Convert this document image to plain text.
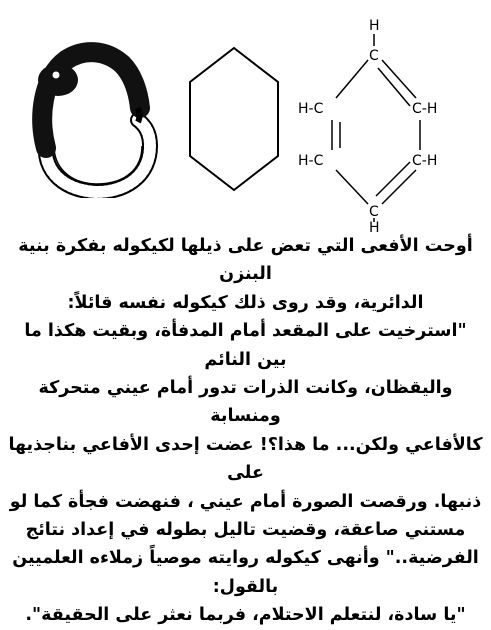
H
C
H-C	C-H
H-C	C-H
C
H

أوحت الأفعى التي تعض على ذيلها لكيكوله بفكرة بنية البنزن

الدائرية، وقد روى ذلك كيكوله نفسه قائلاً:

"استرخيت على المقعد أمام المدفأة، وبقيت هكذا ما بين النائم

واليقظان، وكانت الذرات تدور أمام عيني متحركة ومنسابة

كالأفاعي ولكن... ما هذا؟! عضت إحدى الأفاعي بناجذيها على

ذنبها. ورقصت الصورة أمام عيني ، فنهضت فجأة كما لو

مستني صاعقة، وقضيت تاليل بطوله في إعداد نتائج

الفرضية.." وأنهى كيكوله روايته موصياً زملاءه العلميين بالقول:

"يا سادة، لنتعلم الاحتلام، فربما نعثر على الحقيقة".
